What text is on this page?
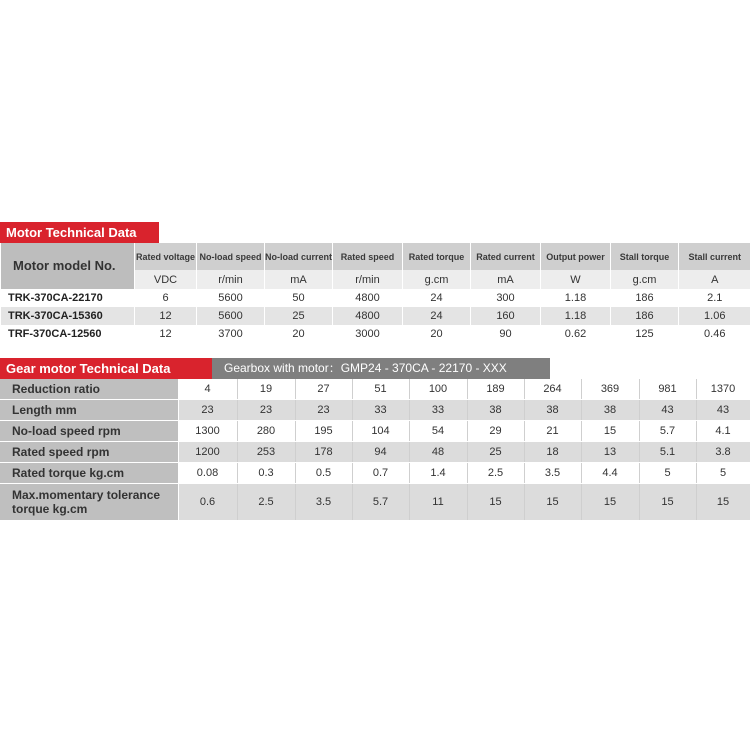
Motor Technical Data
Motor model No.	Rated voltage	No-load speed	No-load current	Rated speed	Rated torque	Rated current	Output power	Stall torque	Stall current
	VDC	r/min	mA	r/min	g.cm	mA	W	g.cm	A
TRK-370CA-22170	6	5600	50	4800	24	300	1.18	186	2.1
TRK-370CA-15360	12	5600	25	4800	24	160	1.18	186	1.06
TRF-370CA-12560	12	3700	20	3000	20	90	0.62	125	0.46
Gear motor Technical Data	Gearbox with motor：GMP24 - 370CA - 22170 - XXX
Reduction ratio	4	19	27	51	100	189	264	369	981	1370
Length mm	23	23	23	33	33	38	38	38	43	43
No-load speed rpm	1300	280	195	104	54	29	21	15	5.7	4.1
Rated speed rpm	1200	253	178	94	48	25	18	13	5.1	3.8
Rated torque kg.cm	0.08	0.3	0.5	0.7	1.4	2.5	3.5	4.4	5	5
Max.momentary tolerance torque kg.cm	0.6	2.5	3.5	5.7	11	15	15	15	15	15
